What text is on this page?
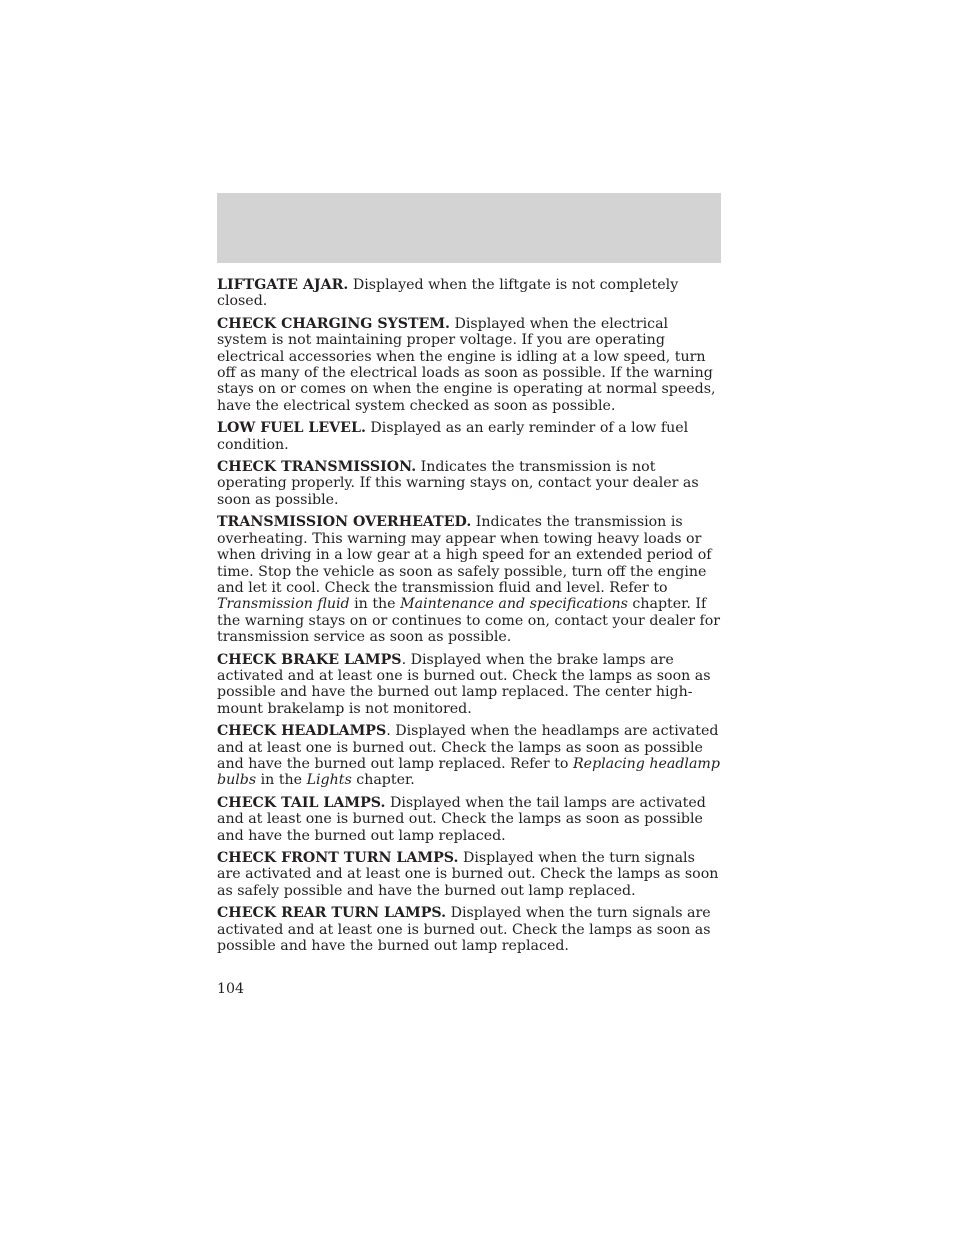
LIFTGATE AJAR. Displayed when the liftgate is not completely closed.

CHECK CHARGING SYSTEM. Displayed when the electrical system is not maintaining proper voltage. If you are operating electrical accessories when the engine is idling at a low speed, turn off as many of the electrical loads as soon as possible. If the warning stays on or comes on when the engine is operating at normal speeds, have the electrical system checked as soon as possible.

LOW FUEL LEVEL. Displayed as an early reminder of a low fuel condition.

CHECK TRANSMISSION. Indicates the transmission is not operating properly. If this warning stays on, contact your dealer as soon as possible.

TRANSMISSION OVERHEATED. Indicates the transmission is overheating. This warning may appear when towing heavy loads or when driving in a low gear at a high speed for an extended period of time. Stop the vehicle as soon as safely possible, turn off the engine and let it cool. Check the transmission fluid and level. Refer to Transmission fluid in the Maintenance and specifications chapter. If the warning stays on or continues to come on, contact your dealer for transmission service as soon as possible.

CHECK BRAKE LAMPS. Displayed when the brake lamps are activated and at least one is burned out. Check the lamps as soon as possible and have the burned out lamp replaced. The center high-mount brakelamp is not monitored.

CHECK HEADLAMPS. Displayed when the headlamps are activated and at least one is burned out. Check the lamps as soon as possible and have the burned out lamp replaced. Refer to Replacing headlamp bulbs in the Lights chapter.

CHECK TAIL LAMPS. Displayed when the tail lamps are activated and at least one is burned out. Check the lamps as soon as possible and have the burned out lamp replaced.

CHECK FRONT TURN LAMPS. Displayed when the turn signals are activated and at least one is burned out. Check the lamps as soon as safely possible and have the burned out lamp replaced.

CHECK REAR TURN LAMPS. Displayed when the turn signals are activated and at least one is burned out. Check the lamps as soon as possible and have the burned out lamp replaced.

104
